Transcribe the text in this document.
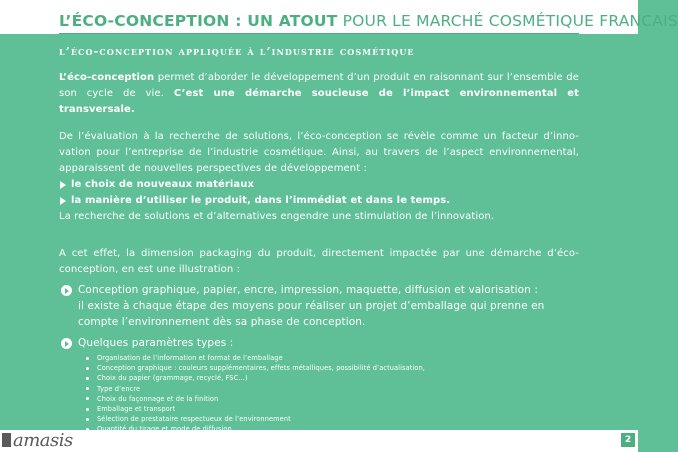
L’ÉCO-CONCEPTION : UN ATOUT POUR LE MARCHÉ COSMÉTIQUE FRANCAIS
l’éco-conception appliquée à l’industrie cosmétique

L’éco-conception permet d’aborder le développement d’un produit en raisonnant sur l’ensemble de son cycle de vie. C’est une démarche soucieuse de l’impact environnemental et transversale.

De l’évaluation à la recherche de solutions, l’éco-conception se révèle comme un facteur d’inno-vation pour l’entreprise de l’industrie cosmétique. Ainsi, au travers de l’aspect environnemental, apparaissent de nouvelles perspectives de développement :

le choix de nouveaux matériaux
la manière d’utiliser le produit, dans l’immédiat et dans le temps.

La recherche de solutions et d’alternatives engendre une stimulation de l’innovation.

A cet effet, la dimension packaging du produit, directement impactée par une démarche d’éco-conception, en est une illustration :

Conception graphique, papier, encre, impression, maquette, diffusion et valorisation :
il existe à chaque étape des moyens pour réaliser un projet d’emballage qui prenne en compte l’environnement dès sa phase de conception.
Quelques paramètres types :
Organisation de l’information et format de l’emballage
Conception graphique : couleurs supplémentaires, effets métalliques, possibilité d’actualisation,
Choix du papier (grammage, recyclé, FSC…)
Type d’encre
Choix du façonnage et de la finition
Emballage et transport
Sélection de prestataire respectueux de l’environnement
amasis	2
